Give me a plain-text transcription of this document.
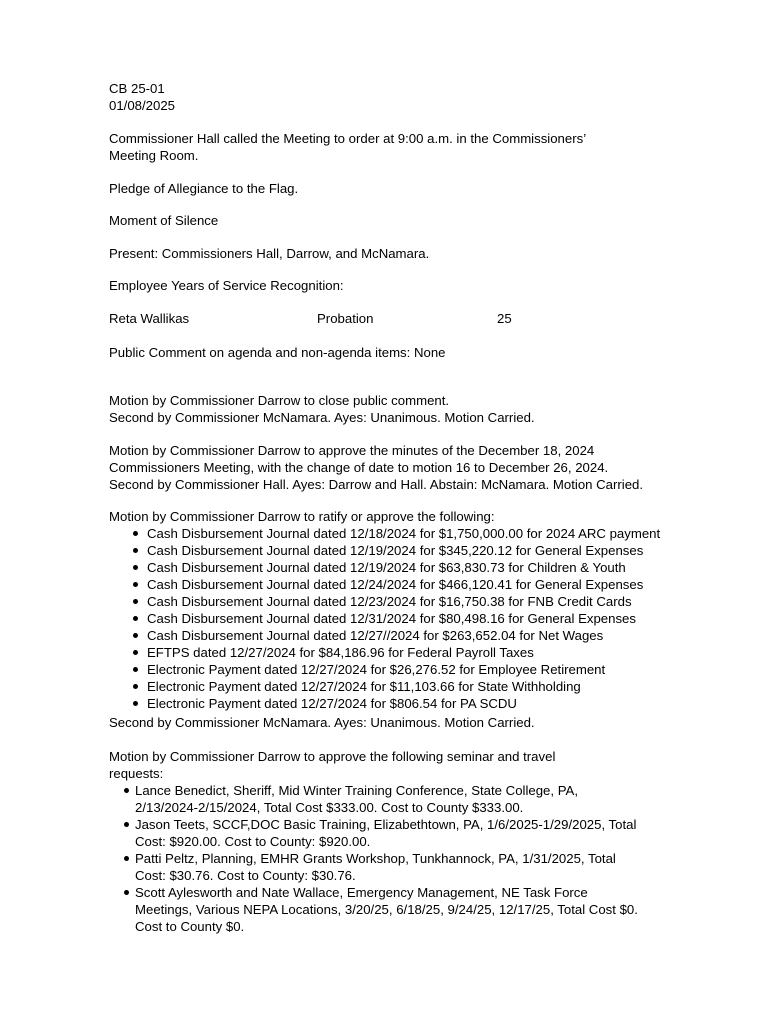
CB 25-01
01/08/2025
Commissioner Hall called the Meeting to order at 9:00 a.m. in the Commissioners’
Meeting Room.
Pledge of Allegiance to the Flag.
Moment of Silence
Present: Commissioners Hall, Darrow, and McNamara.
Employee Years of Service Recognition:
Reta Wallikas	Probation	25
Public Comment on agenda and non-agenda items: None
Motion by Commissioner Darrow to close public comment.
Second by Commissioner McNamara. Ayes: Unanimous. Motion Carried.
Motion by Commissioner Darrow to approve the minutes of the December 18, 2024
Commissioners Meeting, with the change of date to motion 16 to December 26, 2024.
Second by Commissioner Hall. Ayes: Darrow and Hall. Abstain: McNamara. Motion Carried.
Motion by Commissioner Darrow to ratify or approve the following:
Cash Disbursement Journal dated 12/18/2024 for $1,750,000.00 for 2024 ARC payment
Cash Disbursement Journal dated 12/19/2024 for $345,220.12 for General Expenses
Cash Disbursement Journal dated 12/19/2024 for $63,830.73 for Children & Youth
Cash Disbursement Journal dated 12/24/2024 for $466,120.41 for General Expenses
Cash Disbursement Journal dated 12/23/2024 for $16,750.38 for FNB Credit Cards
Cash Disbursement Journal dated 12/31/2024 for $80,498.16 for General Expenses
Cash Disbursement Journal dated 12/27//2024 for $263,652.04 for Net Wages
EFTPS dated 12/27/2024 for $84,186.96 for Federal Payroll Taxes
Electronic Payment dated 12/27/2024 for $26,276.52 for Employee Retirement
Electronic Payment dated 12/27/2024 for $11,103.66 for State Withholding
Electronic Payment dated 12/27/2024 for $806.54 for PA SCDU
Second by Commissioner McNamara. Ayes: Unanimous. Motion Carried.
Motion by Commissioner Darrow to approve the following seminar and travel
requests:
Lance Benedict, Sheriff, Mid Winter Training Conference, State College, PA,
2/13/2024-2/15/2024, Total Cost $333.00. Cost to County $333.00.
Jason Teets, SCCF,DOC Basic Training, Elizabethtown, PA, 1/6/2025-1/29/2025, Total
Cost: $920.00. Cost to County: $920.00.
Patti Peltz, Planning, EMHR Grants Workshop, Tunkhannock, PA, 1/31/2025, Total
Cost: $30.76. Cost to County: $30.76.
Scott Aylesworth and Nate Wallace, Emergency Management, NE Task Force
Meetings, Various NEPA Locations, 3/20/25, 6/18/25, 9/24/25, 12/17/25, Total Cost $0.
Cost to County $0.
